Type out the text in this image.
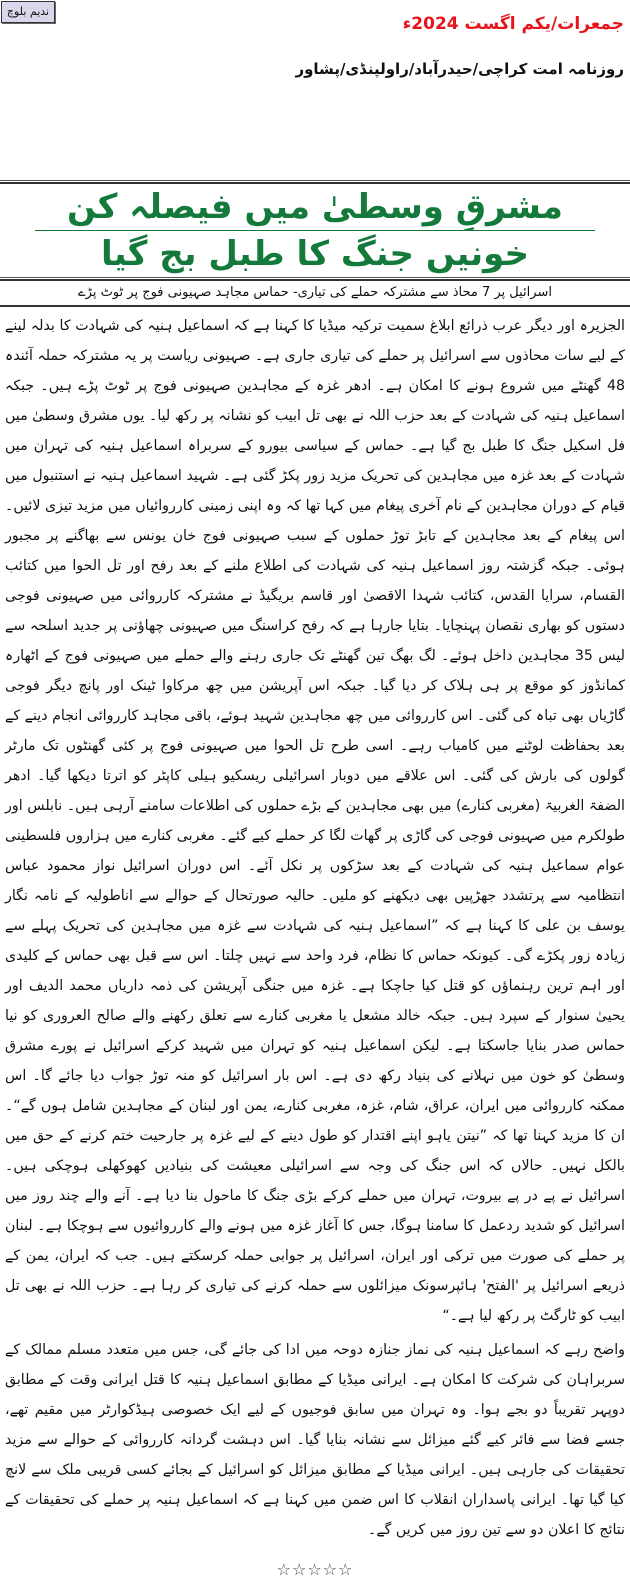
ندیم بلوچ
جمعرات/یکم اگست 2024ء
روزنامہ امت کراچی/حیدرآباد/راولپنڈی/پشاور
مشرقِ وسطیٰ میں فیصلہ کن
خونیں جنگ کا طبل بج گیا
اسرائیل پر 7 محاذ سے مشترکہ حملے کی تیاری- حماس مجاہد صہیونی فوج پر ٹوٹ پڑے

الجزیرہ اور دیگر عرب ذرائع ابلاغ سمیت ترکیہ میڈیا کا کہنا ہے کہ اسماعیل ہنیہ کی شہادت کا بدلہ لینے کے لیے سات محاذوں سے اسرائیل پر حملے کی تیاری جاری ہے۔ صہیونی ریاست پر یہ مشترکہ حملہ آئندہ 48 گھنٹے میں شروع ہونے کا امکان ہے۔ ادھر غزہ کے مجاہدین صہیونی فوج پر ٹوٹ پڑے ہیں۔ جبکہ اسماعیل ہنیہ کی شہادت کے بعد حزب اللہ نے بھی تل ابیب کو نشانہ پر رکھ لیا۔ یوں مشرق وسطیٰ میں فل اسکیل جنگ کا طبل بج گیا ہے۔ حماس کے سیاسی بیورو کے سربراہ اسماعیل ہنیہ کی تہران میں شہادت کے بعد غزہ میں مجاہدین کی تحریک مزید زور پکڑ گئی ہے۔ شہید اسماعیل ہنیہ نے استنبول میں قیام کے دوران مجاہدین کے نام آخری پیغام میں کہا تھا کہ وہ اپنی زمینی کارروائیاں میں مزید تیزی لائیں۔ اس پیغام کے بعد مجاہدین کے تابڑ توڑ حملوں کے سبب صہیونی فوج خان یونس سے بھاگنے پر مجبور ہوئی۔ جبکہ گزشتہ روز اسماعیل ہنیہ کی شہادت کی اطلاع ملنے کے بعد رفح اور تل الحوا میں کتائب القسام، سرایا القدس، کتائب شہدا الاقصیٰ اور قاسم بریگیڈ نے مشترکہ کارروائی میں صہیونی فوجی دستوں کو بھاری نقصان پہنچایا۔ بتایا جارہا ہے کہ رفح کراسنگ میں صہیونی چھاؤنی پر جدید اسلحہ سے لیس 35 مجاہدین داخل ہوئے۔ لگ بھگ تین گھنٹے تک جاری رہنے والے حملے میں صہیونی فوج کے اٹھارہ کمانڈوز کو موقع پر ہی ہلاک کر دیا گیا۔ جبکہ اس آپریشن میں چھ مرکاوا ٹینک اور پانچ دیگر فوجی گاڑیاں بھی تباہ کی گئی۔ اس کارروائی میں چھ مجاہدین شہید ہوئے، باقی مجاہد کارروائی انجام دینے کے بعد بحفاظت لوٹنے میں کامیاب رہے۔ اسی طرح تل الحوا میں صہیونی فوج پر کئی گھنٹوں تک مارٹر گولوں کی بارش کی گئی۔ اس علاقے میں دوبار اسرائیلی ریسکیو ہیلی کاپٹر کو اترتا دیکھا گیا۔ ادھر الضفۃ الغربیۃ (مغربی کنارے) میں بھی مجاہدین کے بڑے حملوں کی اطلاعات سامنے آرہی ہیں۔ نابلس اور طولکرم میں صہیونی فوجی کی گاڑی پر گھات لگا کر حملے کیے گئے۔ مغربی کنارے میں ہزاروں فلسطینی عوام سماعیل ہنیہ کی شہادت کے بعد سڑکوں پر نکل آئے۔ اس دوران اسرائیل نواز محمود عباس انتظامیہ سے پرتشدد جھڑپیں بھی دیکھنے کو ملیں۔ حالیہ صورتحال کے حوالے سے اناطولیہ کے نامہ نگار یوسف بن علی کا کہنا ہے کہ ”اسماعیل ہنیہ کی شہادت سے غزہ میں مجاہدین کی تحریک پہلے سے زیادہ زور پکڑے گی۔ کیونکہ حماس کا نظام، فرد واحد سے نہیں چلتا۔ اس سے قبل بھی حماس کے کلیدی اور اہم ترین رہنماؤں کو قتل کیا جاچکا ہے۔ غزہ میں جنگی آپریشن کی ذمہ داریاں محمد الدیف اور یحییٰ سنوار کے سپرد ہیں۔ جبکہ خالد مشعل یا مغربی کنارے سے تعلق رکھنے والے صالح العروری کو نیا حماس صدر بنایا جاسکتا ہے۔ لیکن اسماعیل ہنیہ کو تہران میں شہید کرکے اسرائیل نے پورے مشرق وسطیٰ کو خون میں نہلانے کی بنیاد رکھ دی ہے۔ اس بار اسرائیل کو منہ توڑ جواب دیا جائے گا۔ اس ممکنہ کارروائی میں ایران، عراق، شام، غزہ، مغربی کنارے، یمن اور لبنان کے مجاہدین شامل ہوں گے“۔ ان کا مزید کہنا تھا کہ ”نیتن یاہو اپنے اقتدار کو طول دینے کے لیے غزہ پر جارحیت ختم کرنے کے حق میں بالکل نہیں۔ حالاں کہ اس جنگ کی وجہ سے اسرائیلی معیشت کی بنیادیں کھوکھلی ہوچکی ہیں۔ اسرائیل نے پے در پے بیروت، تہران میں حملے کرکے بڑی جنگ کا ماحول بنا دیا ہے۔ آنے والے چند روز میں اسرائیل کو شدید ردعمل کا سامنا ہوگا، جس کا آغاز غزہ میں ہونے والے کارروائیوں سے ہوچکا ہے۔ لبنان پر حملے کی صورت میں ترکی اور ایران، اسرائیل پر جوابی حملہ کرسکتے ہیں۔ جب کہ ایران، یمن کے ذریعے اسرائیل پر 'الفتح' ہائپرسونک میزائلوں سے حملہ کرنے کی تیاری کر رہا ہے۔ حزب اللہ نے بھی تل ابیب کو ٹارگٹ پر رکھ لیا ہے۔“

واضح رہے کہ اسماعیل ہنیہ کی نماز جنازہ دوحہ میں ادا کی جائے گی، جس میں متعدد مسلم ممالک کے سربراہان کی شرکت کا امکان ہے۔ ایرانی میڈیا کے مطابق اسماعیل ہنیہ کا قتل ایرانی وقت کے مطابق دوپہر تقریباً دو بجے ہوا۔ وہ تہران میں سابق فوجیوں کے لیے ایک خصوصی ہیڈکوارٹر میں مقیم تھے، جسے فضا سے فائر کیے گئے میزائل سے نشانہ بنایا گیا۔ اس دہشت گردانہ کارروائی کے حوالے سے مزید تحقیقات کی جارہی ہیں۔ ایرانی میڈیا کے مطابق میزائل کو اسرائیل کے بجائے کسی قریبی ملک سے لانچ کیا گیا تھا۔ ایرانی پاسداران انقلاب کا اس ضمن میں کہنا ہے کہ اسماعیل ہنیہ پر حملے کی تحقیقات کے نتائج کا اعلان دو سے تین روز میں کریں گے۔

☆☆☆☆☆
